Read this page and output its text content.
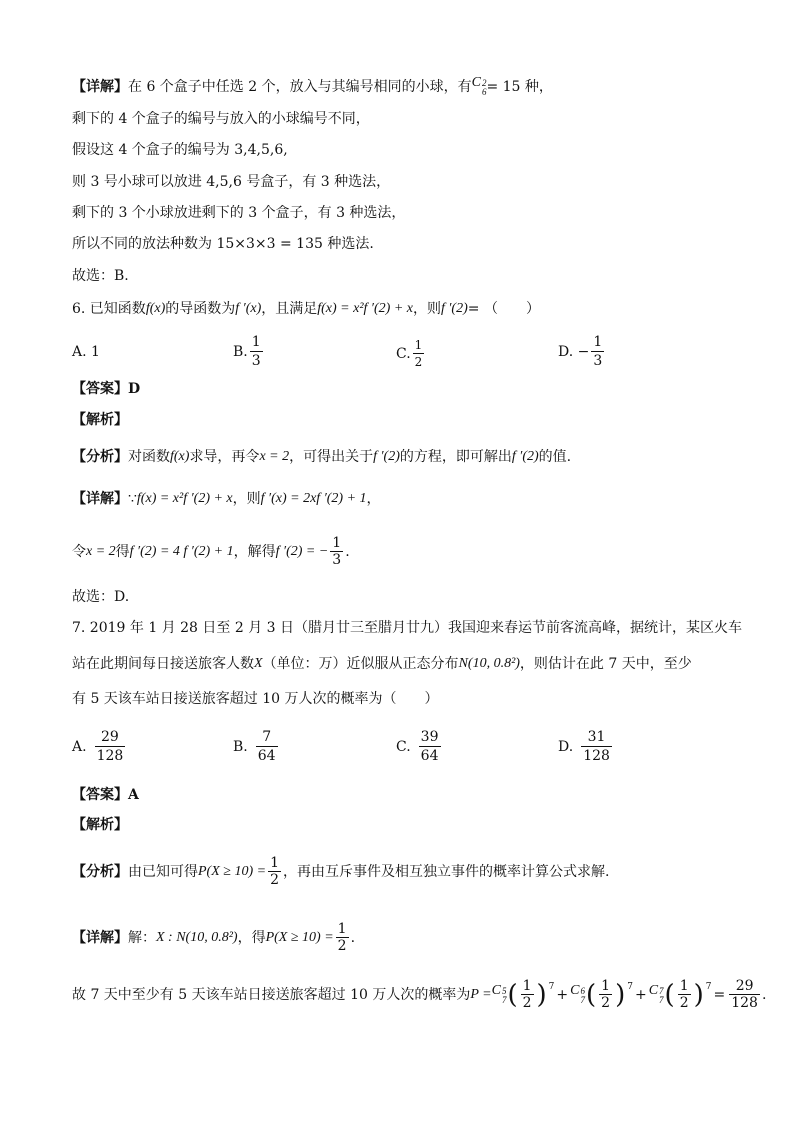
【详解】 在 6 个盒子中任选 2 个，放入与其编号相同的小球，有 C 2
6 = 15 种，
剩下的 4 个盒子的编号与放入的小球编号不同，
假设这 4 个盒子的编号为 3,4,5,6,
则 3 号小球可以放进 4,5,6 号盒子，有 3 种选法，
剩下的 3 个小球放进剩下的 3 个盒子，有 3 种选法，
所以不同的放法种数为 15×3×3 = 135 种选法.
故选：B.
6. 已知函数 f(x) 的导函数为 f ′(x) ，且满足 f(x) = x²f ′(2) + x ，则 f ′(2) = （　　）
A. 1	B. $\frac{1}{3}$	C. $\frac{1}{2}$	D. − $\frac{1}{3}$
【答案】D
【解析】
【分析】 对函数 f(x) 求导，再令 x = 2 ，可得出关于 f ′(2) 的方程，即可解出 f ′(2) 的值.
【详解】 ∵ f(x) = x²f ′(2) + x ，则 f ′(x) = 2xf ′(2) + 1 ，
令 x = 2 得 f ′(2) = 4 f ′(2) + 1 ，解得 f ′(2) = − $\frac{1}{3}$ .
故选：D.
7. 2019 年 1 月 28 日至 2 月 3 日（腊月廿三至腊月廿九）我国迎来春运节前客流高峰，据统计，某区火车
站在此期间每日接送旅客人数 X （单位：万）近似服从正态分布 N(10, 0.8²) ，则估计在此 7 天中，至少
有 5 天该车站日接送旅客超过 10 万人次的概率为（　　）
A. $\frac{29}{128}$	B. $\frac{7}{64}$	C. $\frac{39}{64}$	D. $\frac{31}{128}$
【答案】A
【解析】
【分析】 由已知可得 $P(X \ge 10) = \frac{1}{2}$ ，再由互斥事件及相互独立事件的概率计算公式求解.
【详解】 解： X : N(10, 0.8²) ，得 $P(X \ge 10) = \frac{1}{2}$ .
故 7 天中至少有 5 天该车站日接送旅客超过 10 万人次的概率为 P = C 5
7 ( $\frac{1}{2}$ ) 7 + C 6
7 ( $\frac{1}{2}$ ) 7 + C 7
7 ( $\frac{1}{2}$ ) $7 = \frac{29}{128}$ .
